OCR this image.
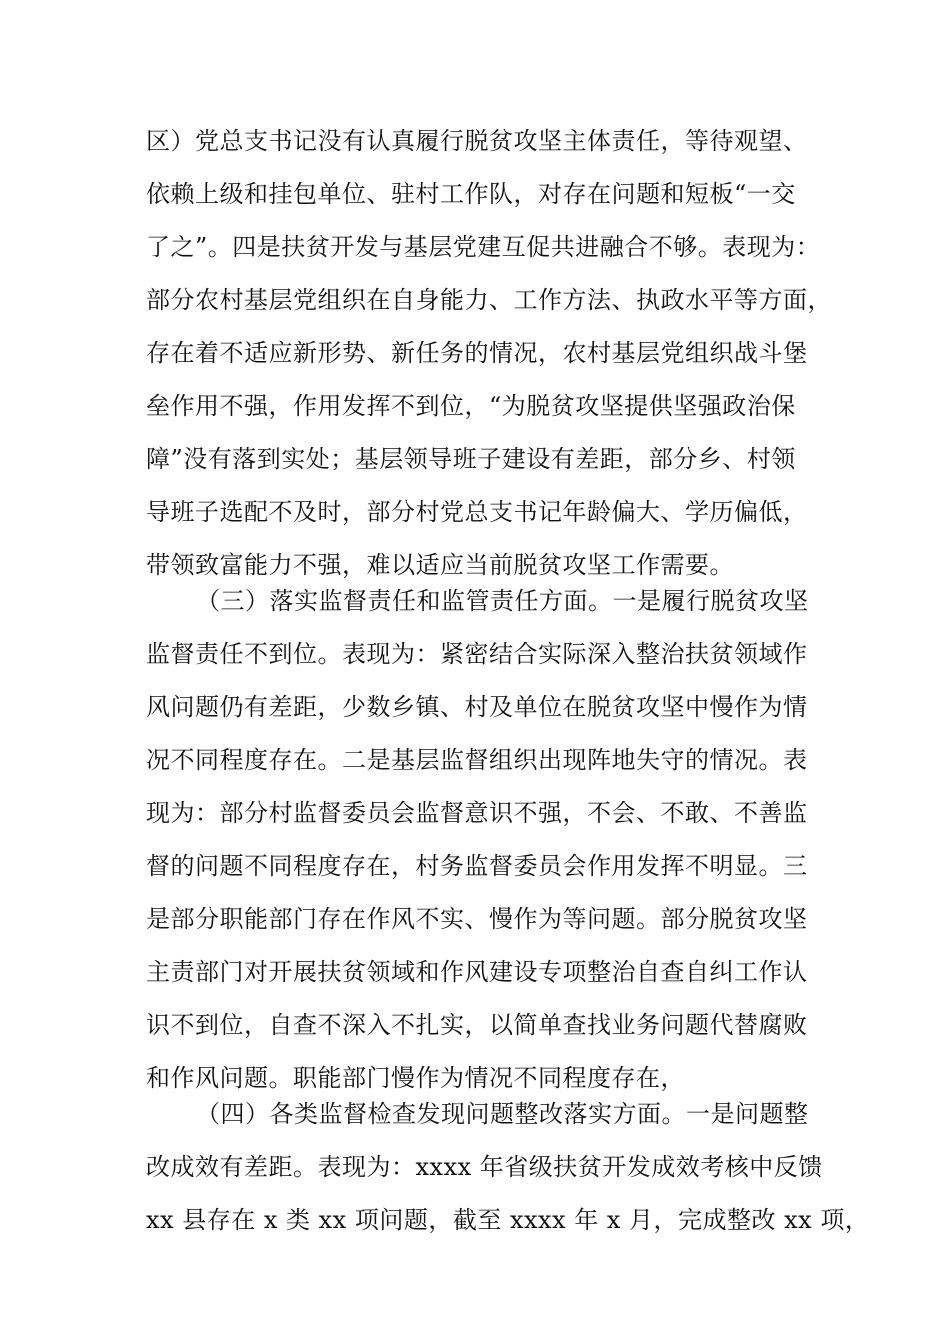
区）党总支书记没有认真履行脱贫攻坚主体责任，等待观望、
依赖上级和挂包单位、驻村工作队，对存在问题和短板“一交
了之”。四是扶贫开发与基层党建互促共进融合不够。表现为：
部分农村基层党组织在自身能力、工作方法、执政水平等方面，
存在着不适应新形势、新任务的情况，农村基层党组织战斗堡
垒作用不强，作用发挥不到位，“为脱贫攻坚提供坚强政治保
障”没有落到实处；基层领导班子建设有差距，部分乡、村领
导班子选配不及时，部分村党总支书记年龄偏大、学历偏低，
带领致富能力不强，难以适应当前脱贫攻坚工作需要。
（三）落实监督责任和监管责任方面。一是履行脱贫攻坚
监督责任不到位。表现为：紧密结合实际深入整治扶贫领域作
风问题仍有差距，少数乡镇、村及单位在脱贫攻坚中慢作为情
况不同程度存在。二是基层监督组织出现阵地失守的情况。表
现为：部分村监督委员会监督意识不强，不会、不敢、不善监
督的问题不同程度存在，村务监督委员会作用发挥不明显。三
是部分职能部门存在作风不实、慢作为等问题。部分脱贫攻坚
主责部门对开展扶贫领域和作风建设专项整治自查自纠工作认
识不到位，自查不深入不扎实，以简单查找业务问题代替腐败
和作风问题。职能部门慢作为情况不同程度存在，
（四）各类监督检查发现问题整改落实方面。一是问题整
改成效有差距。表现为：xxxx 年省级扶贫开发成效考核中反馈
xx 县存在 x 类 xx 项问题，截至 xxxx 年 x 月，完成整改 xx 项，
